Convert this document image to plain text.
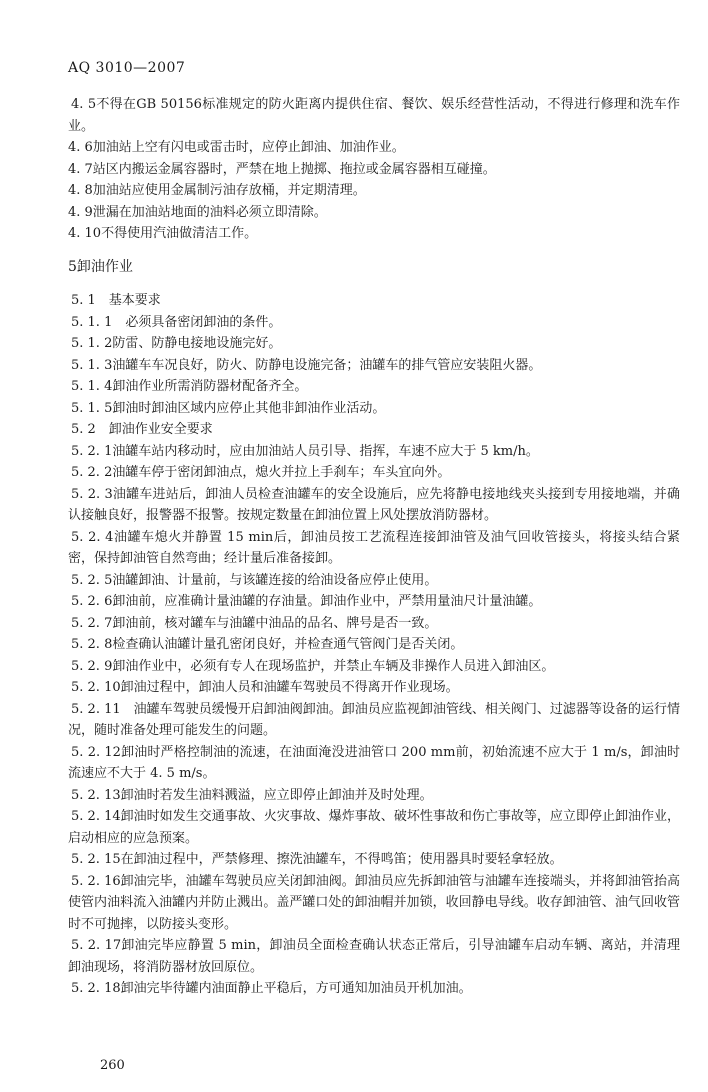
AQ 3010—2007

4. 5不得在GB 50156标准规定的防火距离内提供住宿、餐饮、娱乐经营性活动，不得进行修理和洗车作业。

4. 6加油站上空有闪电或雷击时，应停止卸油、加油作业。

4. 7站区内搬运金属容器时，严禁在地上抛掷、拖拉或金属容器相互碰撞。

4. 8加油站应使用金属制污油存放桶，并定期清理。

4. 9泄漏在加油站地面的油料必须立即清除。

4. 10不得使用汽油做清洁工作。

5卸油作业

5. 1　基本要求

5. 1. 1　必须具备密闭卸油的条件。

5. 1. 2防雷、防静电接地设施完好。

5. 1. 3油罐车车况良好，防火、防静电设施完备；油罐车的排气管应安装阻火器。

5. 1. 4卸油作业所需消防器材配备齐全。

5. 1. 5卸油时卸油区域内应停止其他非卸油作业活动。

5. 2　卸油作业安全要求

5. 2. 1油罐车站内移动时，应由加油站人员引导、指挥，车速不应大于 5 km/h。

5. 2. 2油罐车停于密闭卸油点，熄火并拉上手刹车；车头宜向外。

5. 2. 3油罐车进站后，卸油人员检查油罐车的安全设施后，应先将静电接地线夹头接到专用接地端，并确认接触良好，报警器不报警。按规定数量在卸油位置上风处摆放消防器材。

5. 2. 4油罐车熄火并静置 15 min后，卸油员按工艺流程连接卸油管及油气回收管接头，将接头结合紧密，保持卸油管自然弯曲；经计量后准备接卸。

5. 2. 5油罐卸油、计量前，与该罐连接的给油设备应停止使用。

5. 2. 6卸油前，应准确计量油罐的存油量。卸油作业中，严禁用量油尺计量油罐。

5. 2. 7卸油前，核对罐车与油罐中油品的品名、牌号是否一致。

5. 2. 8检查确认油罐计量孔密闭良好，并检查通气管阀门是否关闭。

5. 2. 9卸油作业中，必须有专人在现场监护，并禁止车辆及非操作人员进入卸油区。

5. 2. 10卸油过程中，卸油人员和油罐车驾驶员不得离开作业现场。

5. 2. 11　油罐车驾驶员缓慢开启卸油阀卸油。卸油员应监视卸油管线、相关阀门、过滤器等设备的运行情况，随时准备处理可能发生的问题。

5. 2. 12卸油时严格控制油的流速，在油面淹没进油管口 200 mm前，初始流速不应大于 1 m/s，卸油时流速应不大于 4. 5 m/s。

5. 2. 13卸油时若发生油料溅溢，应立即停止卸油并及时处理。

5. 2. 14卸油时如发生交通事故、火灾事故、爆炸事故、破坏性事故和伤亡事故等，应立即停止卸油作业，启动相应的应急预案。

5. 2. 15在卸油过程中，严禁修理、擦洗油罐车，不得鸣笛；使用器具时要轻拿轻放。

5. 2. 16卸油完毕，油罐车驾驶员应关闭卸油阀。卸油员应先拆卸油管与油罐车连接端头，并将卸油管抬高使管内油料流入油罐内并防止溅出。盖严罐口处的卸油帽并加锁，收回静电导线。收存卸油管、油气回收管时不可抛摔，以防接头变形。

5. 2. 17卸油完毕应静置 5 min，卸油员全面检查确认状态正常后，引导油罐车启动车辆、离站，并清理卸油现场，将消防器材放回原位。

5. 2. 18卸油完毕待罐内油面静止平稳后，方可通知加油员开机加油。

260
